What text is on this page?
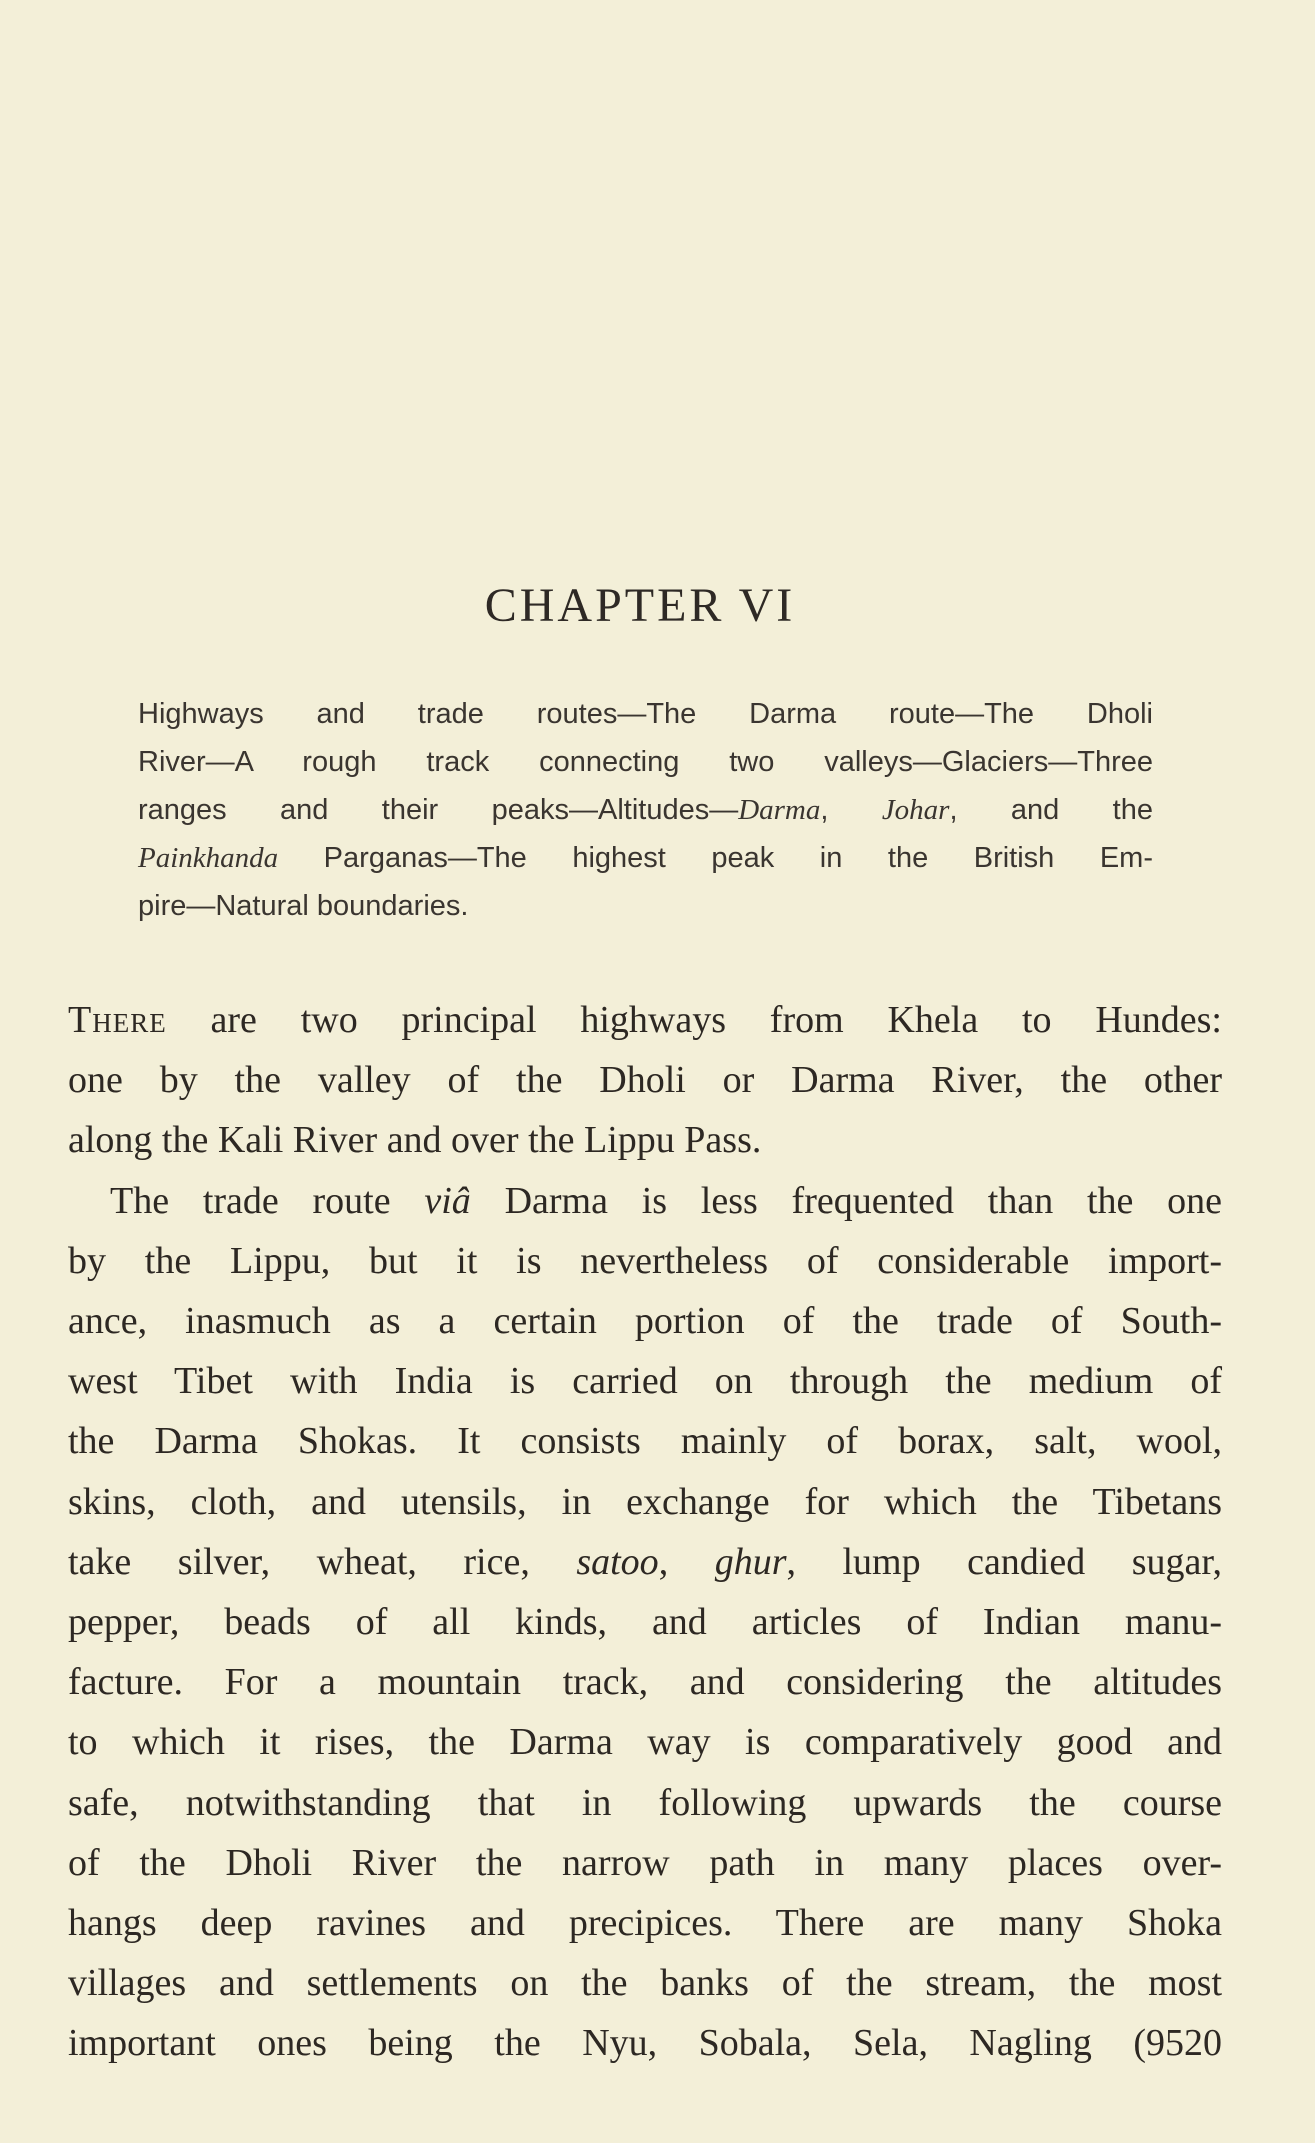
CHAPTER VI
Highways and trade routes—The Darma route—The Dholi
River—A rough track connecting two valleys—Glaciers—Three
ranges and their peaks—Altitudes—Darma, Johar, and the
Painkhanda Parganas—The highest peak in the British Em-
pire—Natural boundaries.
There are two principal highways from Khela to Hundes:
one by the valley of the Dholi or Darma River, the other
along the Kali River and over the Lippu Pass.
The trade route viâ Darma is less frequented than the one
by the Lippu, but it is nevertheless of considerable import-
ance, inasmuch as a certain portion of the trade of South-
west Tibet with India is carried on through the medium of
the Darma Shokas. It consists mainly of borax, salt, wool,
skins, cloth, and utensils, in exchange for which the Tibetans
take silver, wheat, rice, satoo, ghur, lump candied sugar,
pepper, beads of all kinds, and articles of Indian manu-
facture. For a mountain track, and considering the altitudes
to which it rises, the Darma way is comparatively good and
safe, notwithstanding that in following upwards the course
of the Dholi River the narrow path in many places over-
hangs deep ravines and precipices. There are many Shoka
villages and settlements on the banks of the stream, the most
important ones being the Nyu, Sobala, Sela, Nagling (9520
